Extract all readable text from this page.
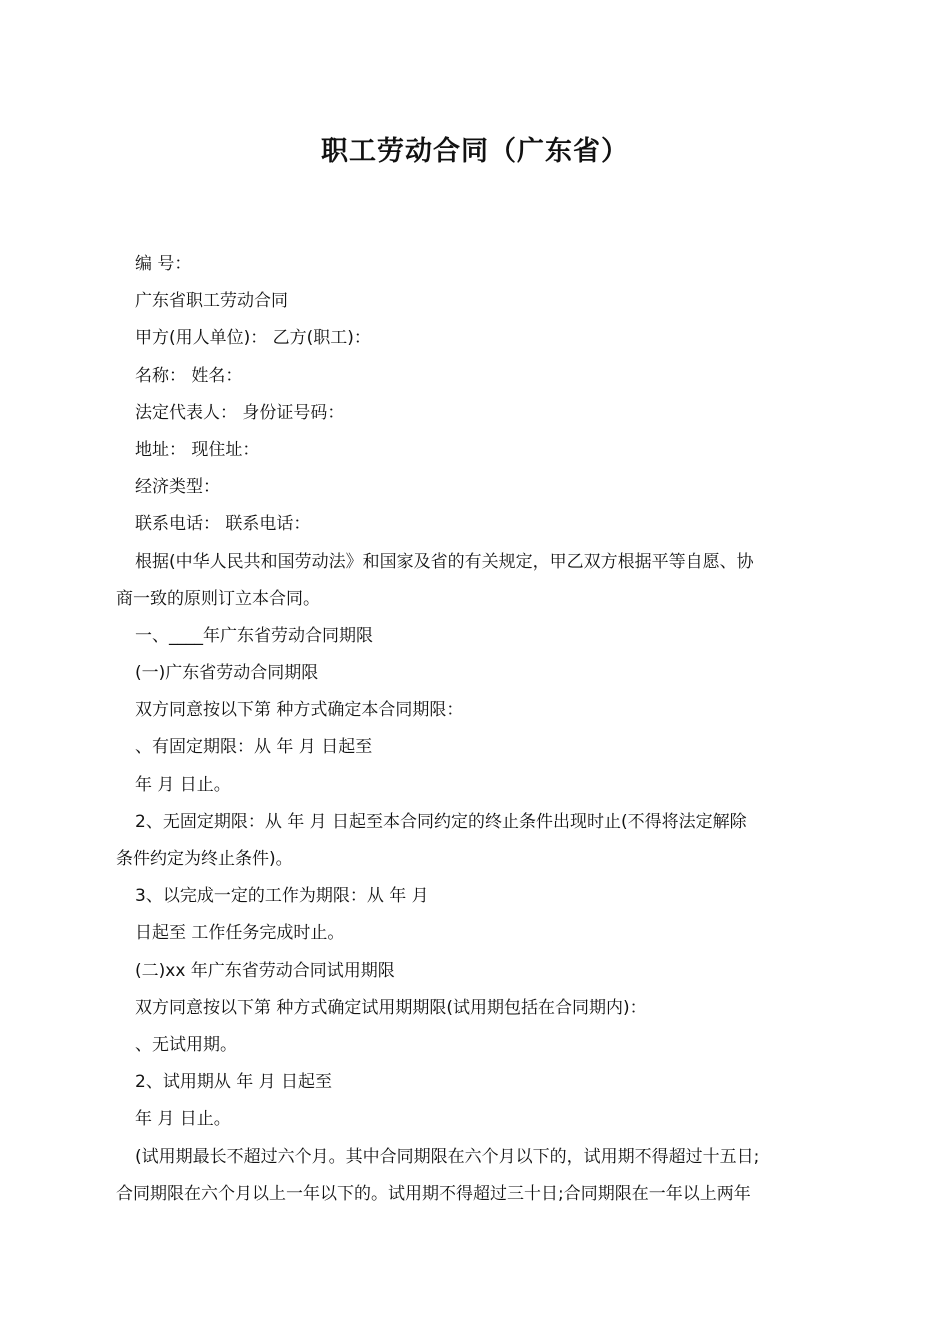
职工劳动合同（广东省）
编 号：
广东省职工劳动合同
甲方(用人单位)： 乙方(职工)：
名称： 姓名：
法定代表人： 身份证号码：
地址： 现住址：
经济类型：
联系电话： 联系电话：
根据(中华人民共和国劳动法》和国家及省的有关规定，甲乙双方根据平等自愿、协
商一致的原则订立本合同。
一、____年广东省劳动合同期限
(一)广东省劳动合同期限
双方同意按以下第 种方式确定本合同期限：
、有固定期限：从 年 月 日起至
年 月 日止。
2、无固定期限：从 年 月 日起至本合同约定的终止条件出现时止(不得将法定解除
条件约定为终止条件)。
3、以完成一定的工作为期限：从 年 月
日起至 工作任务完成时止。
(二)xx 年广东省劳动合同试用期限
双方同意按以下第 种方式确定试用期期限(试用期包括在合同期内)：
、无试用期。
2、试用期从 年 月 日起至
年 月 日止。
(试用期最长不超过六个月。其中合同期限在六个月以下的，试用期不得超过十五日;
合同期限在六个月以上一年以下的。试用期不得超过三十日;合同期限在一年以上两年
